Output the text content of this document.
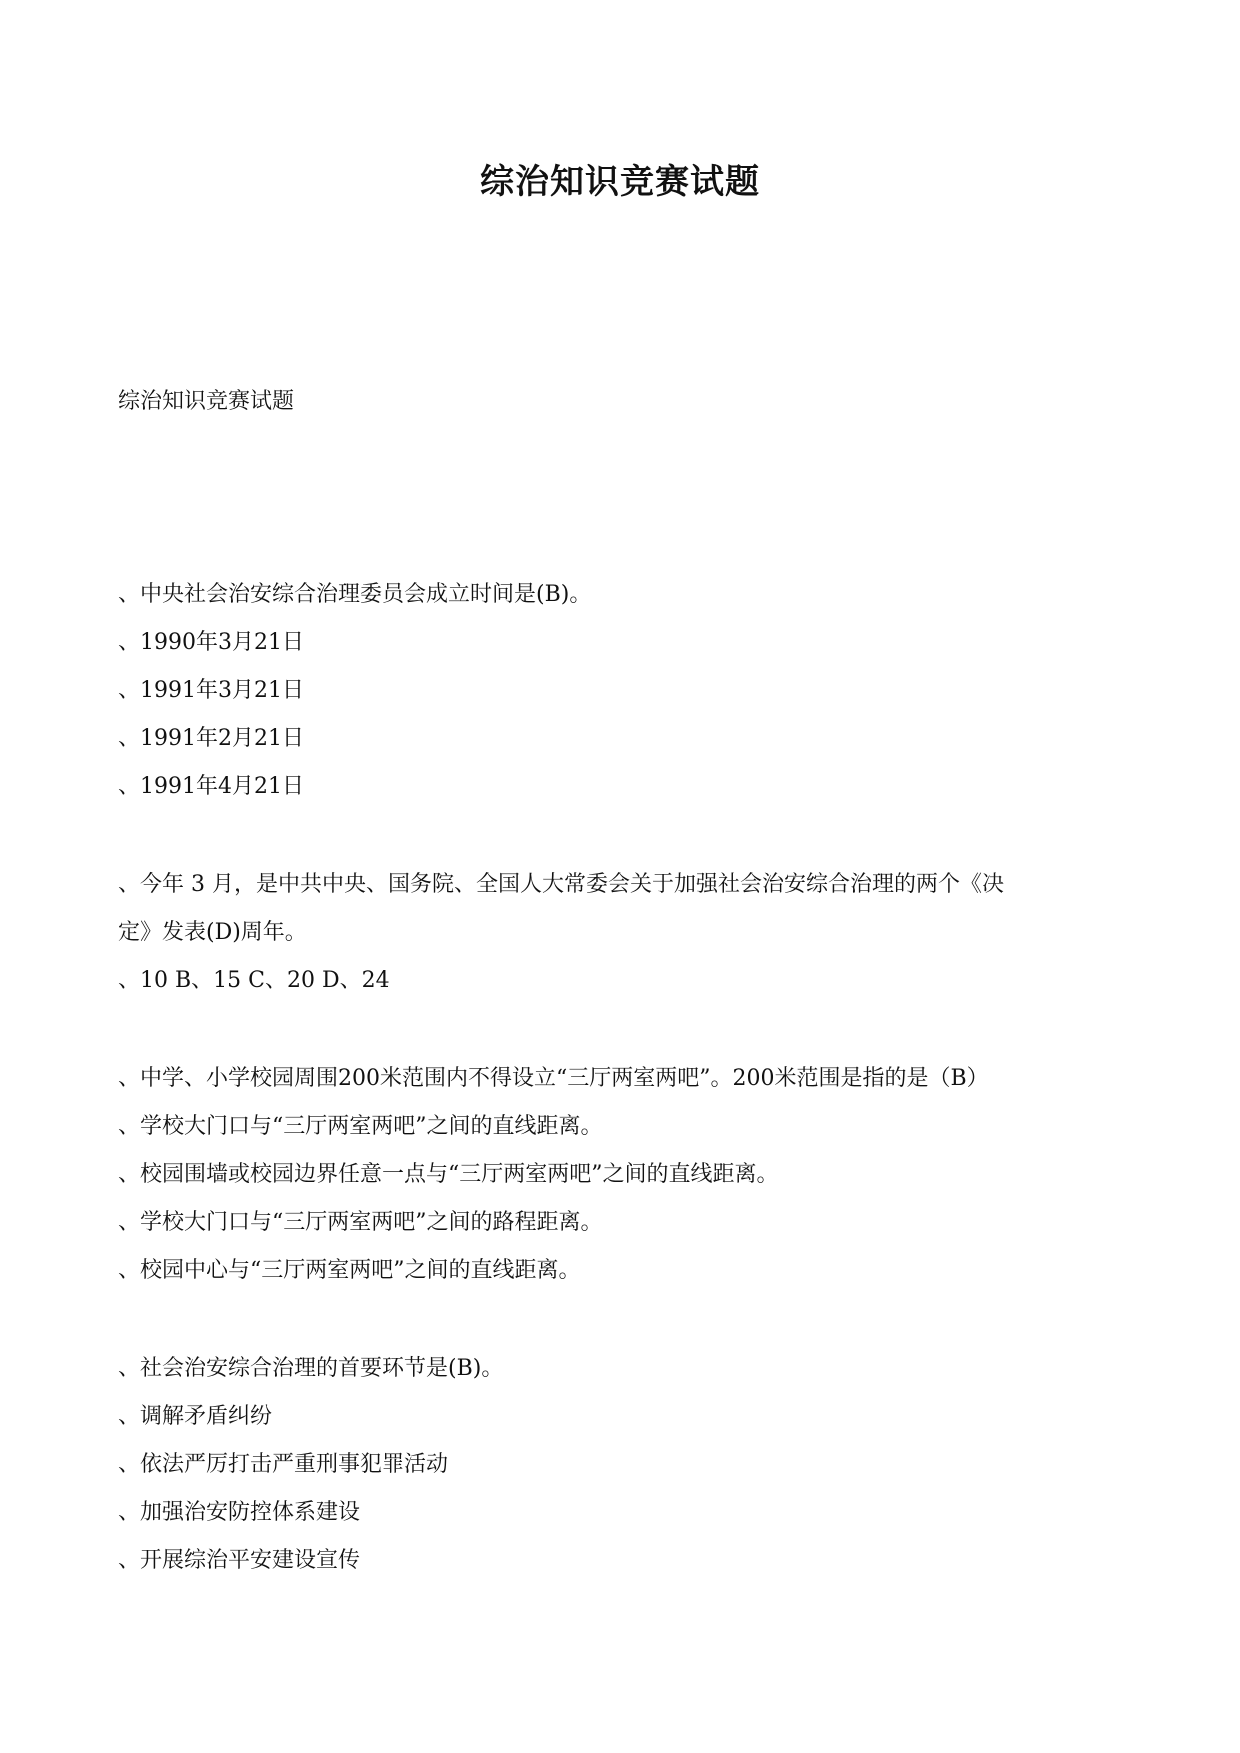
综治知识竞赛试题
综治知识竞赛试题
、中央社会治安综合治理委员会成立时间是(B)。
、1990年3月21日
、1991年3月21日
、1991年2月21日
、1991年4月21日
、今年 3 月，是中共中央、国务院、全国人大常委会关于加强社会治安综合治理的两个《决
定》发表(D)周年。
、10 B、15 C、20 D、24
、中学、小学校园周围200米范围内不得设立“三厅两室两吧”。200米范围是指的是（B）
、学校大门口与“三厅两室两吧”之间的直线距离。
、校园围墙或校园边界任意一点与“三厅两室两吧”之间的直线距离。
、学校大门口与“三厅两室两吧”之间的路程距离。
、校园中心与“三厅两室两吧”之间的直线距离。
、社会治安综合治理的首要环节是(B)。
、调解矛盾纠纷
、依法严厉打击严重刑事犯罪活动
、加强治安防控体系建设
、开展综治平安建设宣传
